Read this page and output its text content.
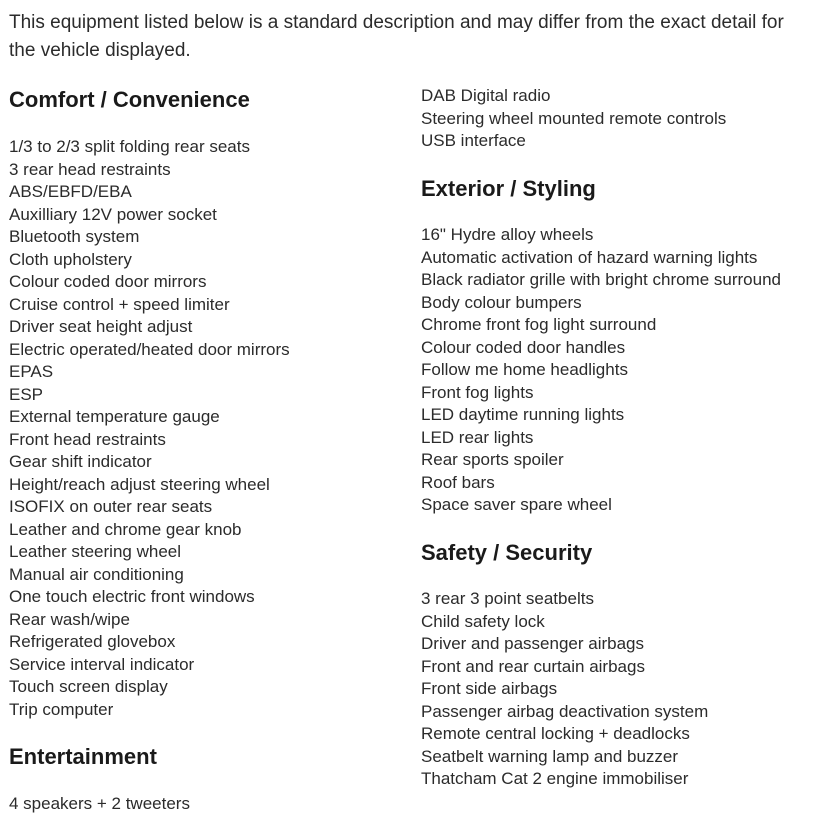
This equipment listed below is a standard description and may differ from the exact detail for the vehicle displayed.

Comfort / Convenience
1/3 to 2/3 split folding rear seats
3 rear head restraints
ABS/EBFD/EBA
Auxilliary 12V power socket
Bluetooth system
Cloth upholstery
Colour coded door mirrors
Cruise control + speed limiter
Driver seat height adjust
Electric operated/heated door mirrors
EPAS
ESP
External temperature gauge
Front head restraints
Gear shift indicator
Height/reach adjust steering wheel
ISOFIX on outer rear seats
Leather and chrome gear knob
Leather steering wheel
Manual air conditioning
One touch electric front windows
Rear wash/wipe
Refrigerated glovebox
Service interval indicator
Touch screen display
Trip computer
Entertainment
4 speakers + 2 tweeters
DAB Digital radio
Steering wheel mounted remote controls
USB interface
Exterior / Styling
16" Hydre alloy wheels
Automatic activation of hazard warning lights
Black radiator grille with bright chrome surround
Body colour bumpers
Chrome front fog light surround
Colour coded door handles
Follow me home headlights
Front fog lights
LED daytime running lights
LED rear lights
Rear sports spoiler
Roof bars
Space saver spare wheel
Safety / Security
3 rear 3 point seatbelts
Child safety lock
Driver and passenger airbags
Front and rear curtain airbags
Front side airbags
Passenger airbag deactivation system
Remote central locking + deadlocks
Seatbelt warning lamp and buzzer
Thatcham Cat 2 engine immobiliser
